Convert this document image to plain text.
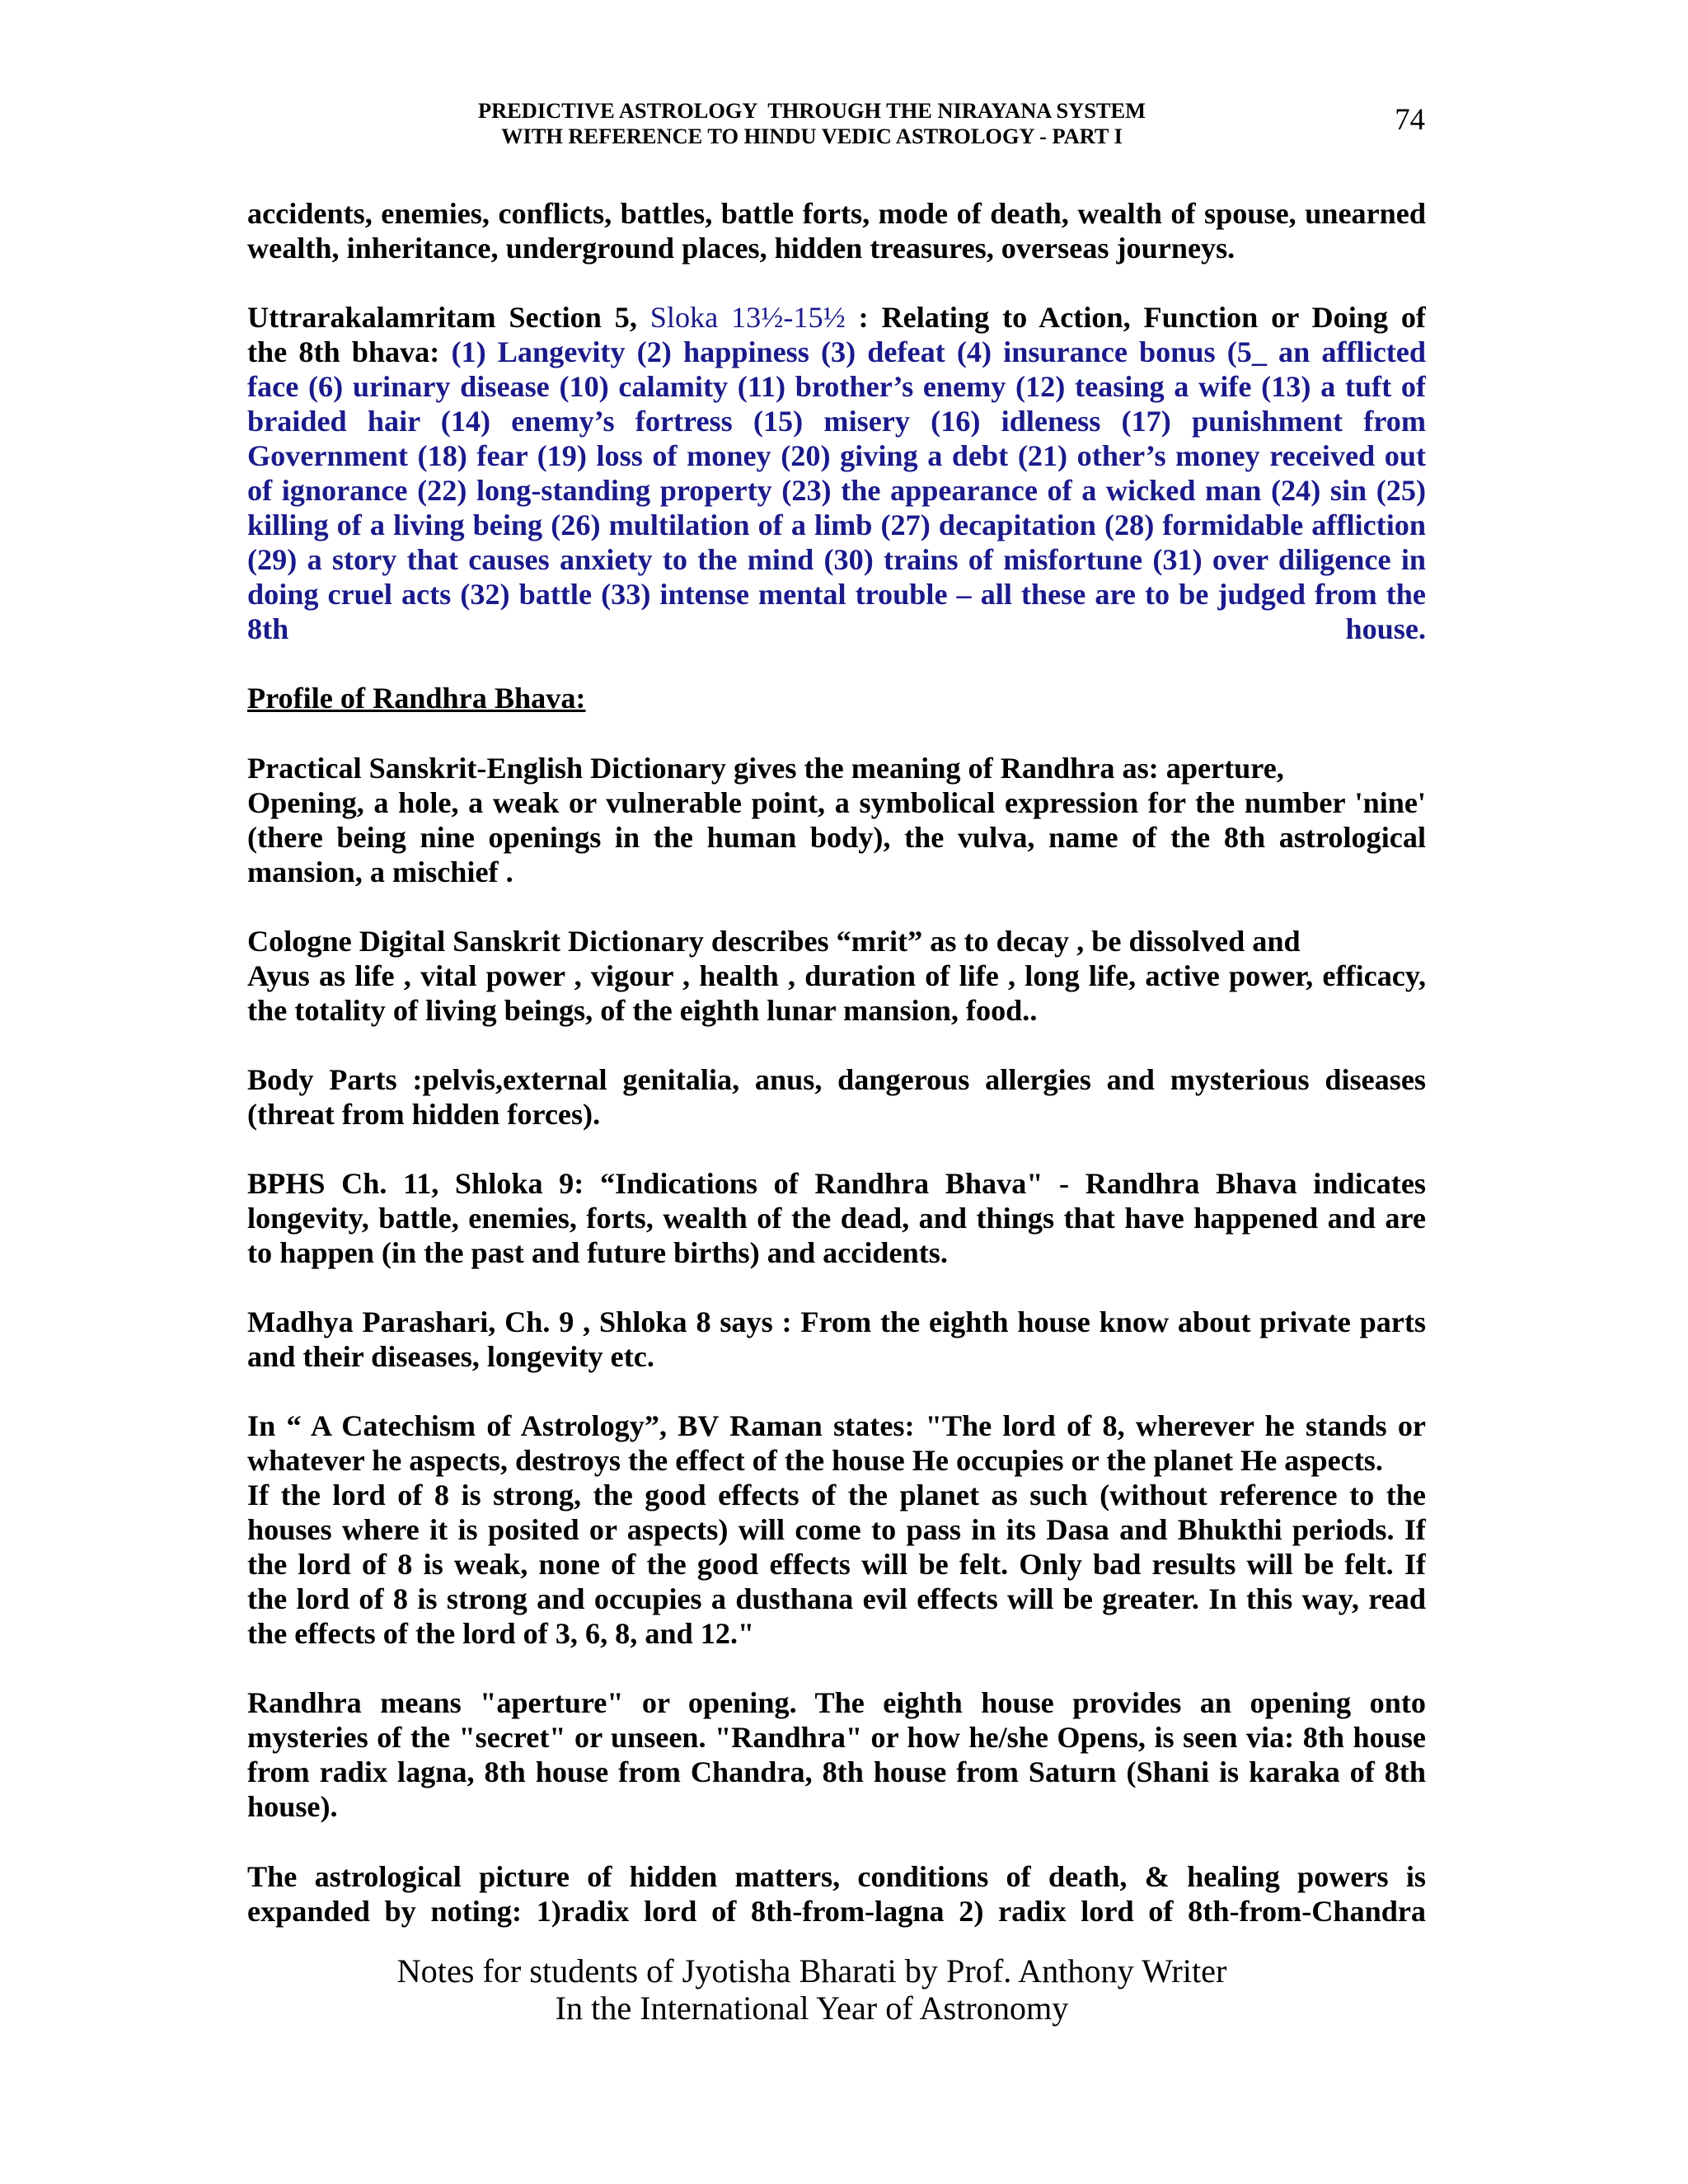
PREDICTIVE ASTROLOGY  THROUGH THE NIRAYANA SYSTEM
WITH REFERENCE TO HINDU VEDIC ASTROLOGY - PART I	74
accidents, enemies, conflicts, battles, battle forts, mode of death, wealth of spouse, unearned
wealth, inheritance, underground places, hidden treasures, overseas journeys.
Uttrarakalamritam Section 5, Sloka 13½-15½ : Relating to Action, Function or Doing of
the 8th bhava: (1) Langevity (2) happiness (3) defeat (4) insurance bonus (5_ an afflicted
face (6) urinary disease (10) calamity (11) brother’s enemy (12) teasing a wife (13) a tuft of
braided hair (14) enemy’s fortress (15) misery (16) idleness (17) punishment from
Government (18) fear (19) loss of money (20) giving a debt (21) other’s money received out
of ignorance (22) long-standing property (23) the appearance of a wicked man (24) sin (25)
killing of a living being (26) multilation of a limb (27) decapitation (28) formidable affliction
(29) a story that causes anxiety to the mind (30) trains of misfortune (31) over diligence in
doing cruel acts (32) battle (33) intense mental trouble – all these are to be judged from the
8th house.
Profile of Randhra Bhava:
Practical Sanskrit-English Dictionary gives the meaning of Randhra as: aperture,
Opening, a hole, a weak or vulnerable point, a symbolical expression for the number 'nine'
(there being nine openings in the human body), the vulva, name of the 8th astrological
mansion, a mischief .
Cologne Digital Sanskrit Dictionary describes “mrit” as to decay , be dissolved and
Ayus as life , vital power , vigour , health , duration of life , long life, active power, efficacy,
the totality of living beings, of the eighth lunar mansion, food..
Body Parts :pelvis,external genitalia, anus, dangerous allergies and mysterious diseases
(threat from hidden forces).
BPHS Ch. 11, Shloka 9: “Indications of Randhra Bhava" - Randhra Bhava indicates
longevity, battle, enemies, forts, wealth of the dead, and things that have happened and are
to happen (in the past and future births) and accidents.
Madhya Parashari, Ch. 9 , Shloka 8 says : From the eighth house know about private parts
and their diseases, longevity etc.
In “ A Catechism of Astrology”, BV Raman states: "The lord of 8, wherever he stands or
whatever he aspects, destroys the effect of the house He occupies or the planet He aspects.
If the lord of 8 is strong, the good effects of the planet as such (without reference to the
houses where it is posited or aspects) will come to pass in its Dasa and Bhukthi periods. If
the lord of 8 is weak, none of the good effects will be felt. Only bad results will be felt. If
the lord of 8 is strong and occupies a dusthana evil effects will be greater. In this way, read
the effects of the lord of 3, 6, 8, and 12."
Randhra means "aperture" or opening. The eighth house provides an opening onto
mysteries of the "secret" or unseen. "Randhra" or how he/she Opens, is seen via: 8th house
from radix lagna, 8th house from Chandra, 8th house from Saturn (Shani is karaka of 8th
house).
The astrological picture of hidden matters, conditions of death, & healing powers is
expanded by noting: 1)radix lord of 8th-from-lagna 2) radix lord of 8th-from-Chandra
Notes for students of Jyotisha Bharati by Prof. Anthony Writer
In the International Year of Astronomy
